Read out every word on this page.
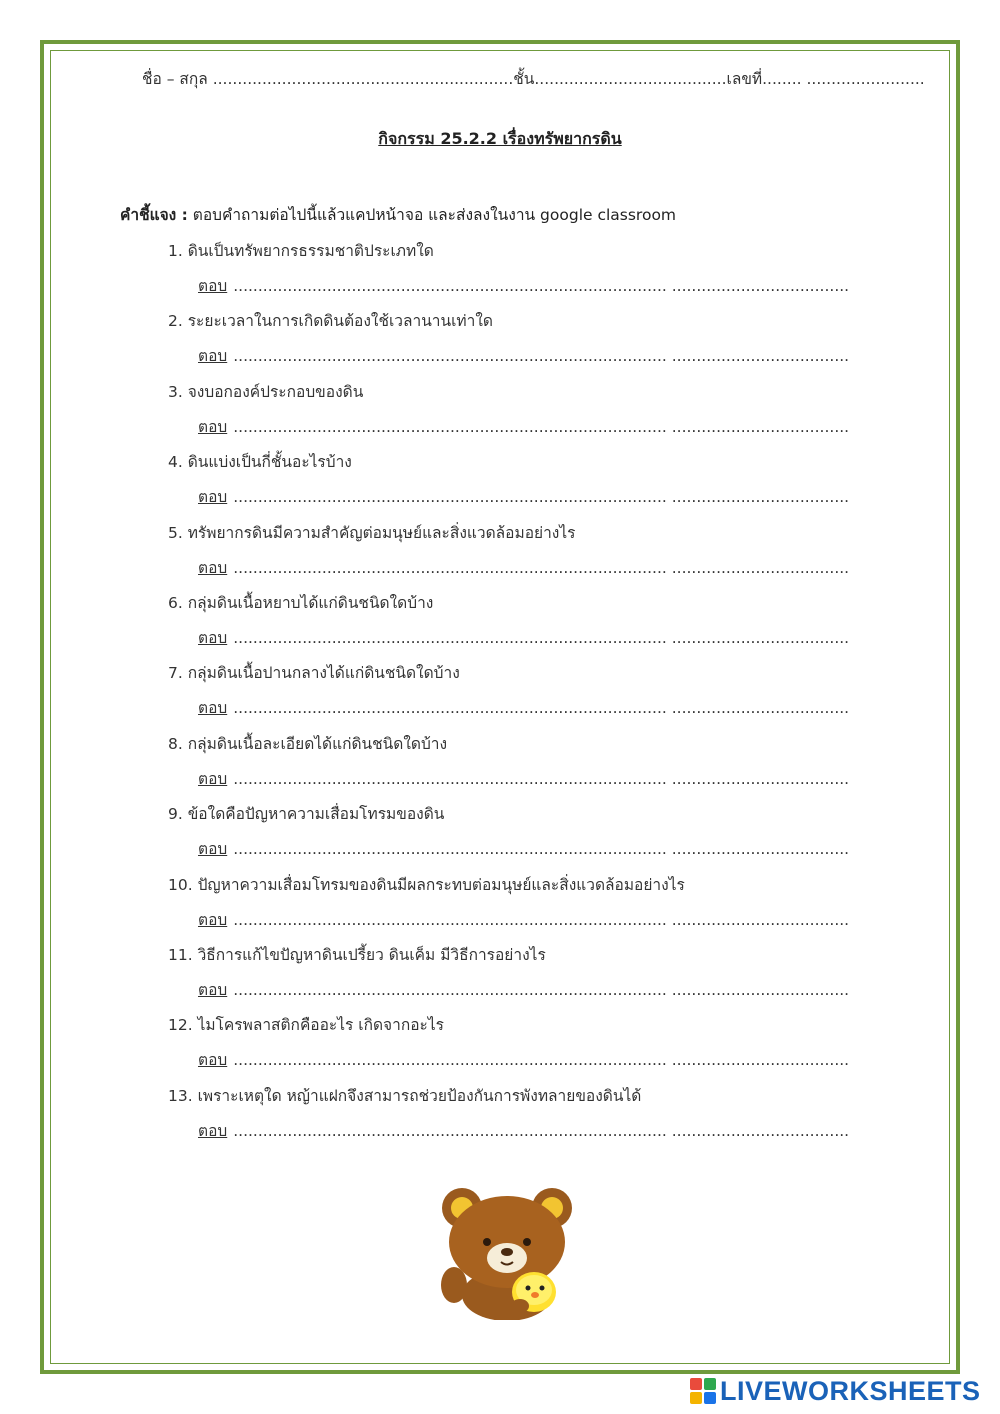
ชื่อ – สกุล .............................................................ชั้น.......................................เลขที่........ ........................
กิจกรรม 25.2.2 เรื่องทรัพยากรดิน
คำชี้แจง : ตอบคำถามต่อไปนี้แล้วแคปหน้าจอ และส่งลงในงาน google classroom
1. ดินเป็นทรัพยากรธรรมชาติประเภทใด
ตอบ ........................................................................................ ....................................
2. ระยะเวลาในการเกิดดินต้องใช้เวลานานเท่าใด
ตอบ ........................................................................................ ....................................
3. จงบอกองค์ประกอบของดิน
ตอบ ........................................................................................ ....................................
4. ดินแบ่งเป็นกี่ชั้นอะไรบ้าง
ตอบ ........................................................................................ ....................................
5. ทรัพยากรดินมีความสำคัญต่อมนุษย์และสิ่งแวดล้อมอย่างไร
ตอบ ........................................................................................ ....................................
6. กลุ่มดินเนื้อหยาบได้แก่ดินชนิดใดบ้าง
ตอบ ........................................................................................ ....................................
7. กลุ่มดินเนื้อปานกลางได้แก่ดินชนิดใดบ้าง
ตอบ ........................................................................................ ....................................
8. กลุ่มดินเนื้อละเอียดได้แก่ดินชนิดใดบ้าง
ตอบ ........................................................................................ ....................................
9. ข้อใดคือปัญหาความเสื่อมโทรมของดิน
ตอบ ........................................................................................ ....................................
10. ปัญหาความเสื่อมโทรมของดินมีผลกระทบต่อมนุษย์และสิ่งแวดล้อมอย่างไร
ตอบ ........................................................................................ ....................................
11. วิธีการแก้ไขปัญหาดินเปรี้ยว ดินเค็ม มีวิธีการอย่างไร
ตอบ ........................................................................................ ....................................
12. ไมโครพลาสติกคืออะไร เกิดจากอะไร
ตอบ ........................................................................................ ....................................
13. เพราะเหตุใด หญ้าแฝกจึงสามารถช่วยป้องกันการพังทลายของดินได้
ตอบ ........................................................................................ ....................................
LIVEWORKSHEETS
